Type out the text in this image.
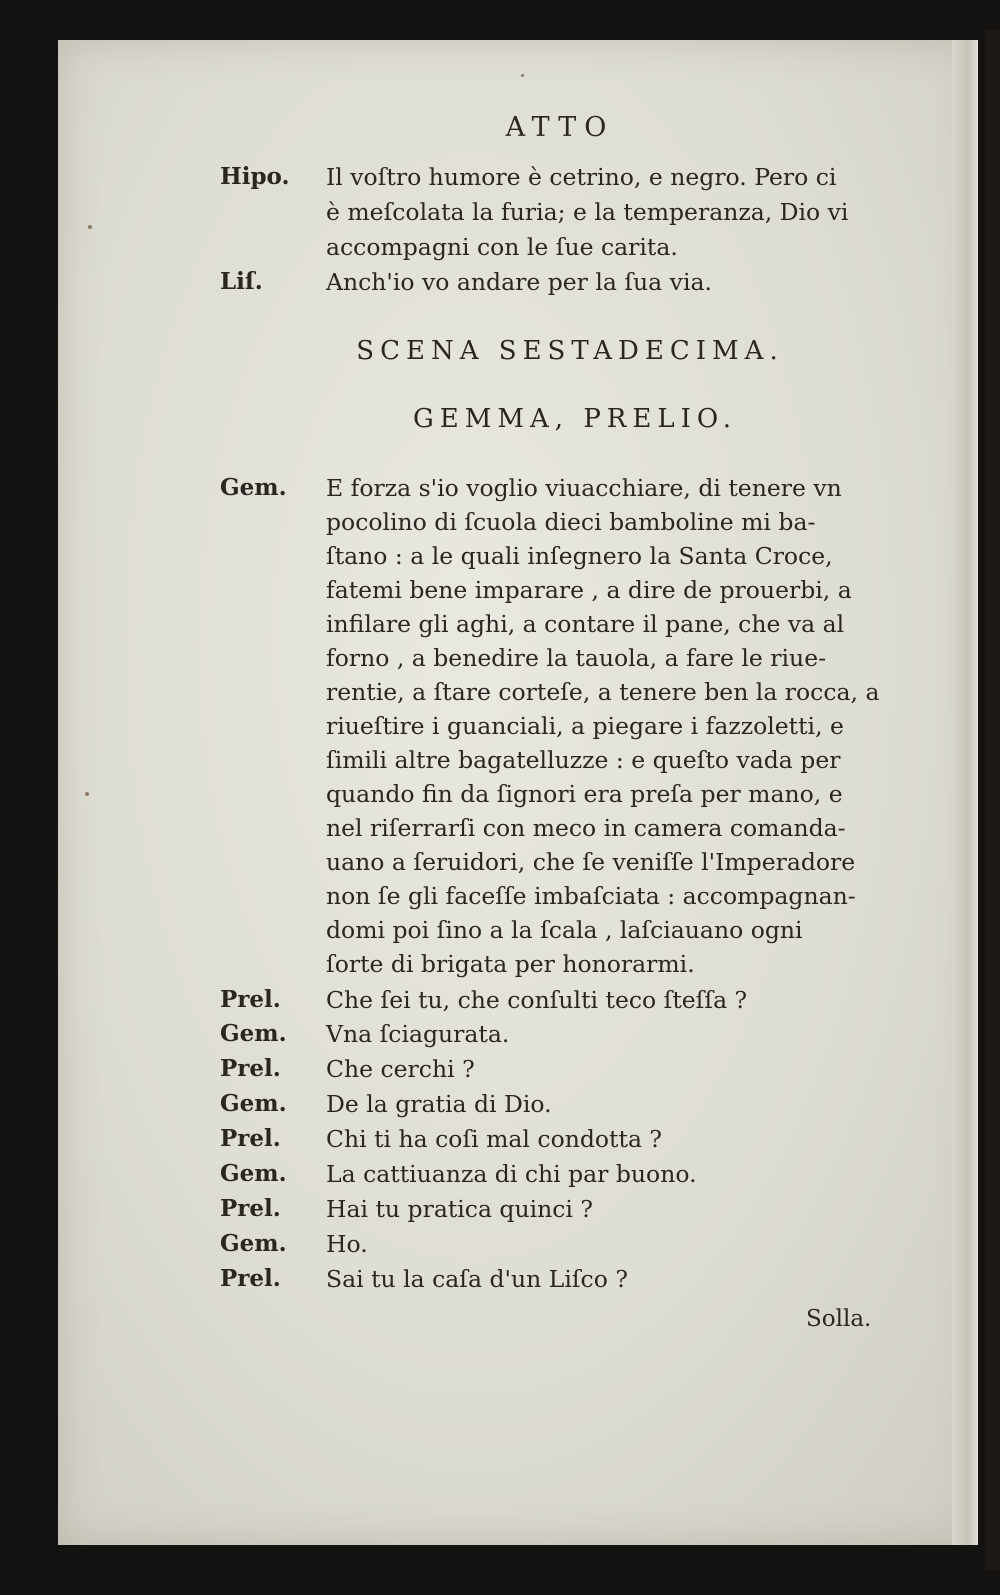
ATTO
Hipo. Il voſtro humore è cetrino, e negro. Pero ci
è meſcolata la furia; e la temperanza, Dio vi
accompagni con le ſue carita.
Liſ.	Anch'io vo andare per la ſua via.
SCENA SESTADECIMA.
GEMMA, PRELIO.
Gem. E forza s'io voglio viuacchiare, di tenere vn
pocolino di ſcuola dieci bamboline mi ba-
ſtano : a le quali inſegnero la Santa Croce,
fatemi bene imparare , a dire de prouerbi, a
infilare gli aghi, a contare il pane, che va al
forno , a benedire la tauola, a fare le riue-
rentie, a ſtare corteſe, a tenere ben la rocca, a
riueſtire i guanciali, a piegare i fazzoletti, e
ſimili altre bagatelluzze : e queſto vada per
quando fin da ſignori era preſa per mano, e
nel riſerrarſi con meco in camera comanda-
uano a ſeruidori, che ſe veniſſe l'Imperadore
non ſe gli faceſſe imbaſciata : accompagnan-
domi poi ſino a la ſcala , laſciauano ogni
ſorte di brigata per honorarmi.
Prel. Che ſei tu, che conſulti teco ſteſſa ?
Gem. Vna ſciagurata.
Prel. Che cerchi ?
Gem. De la gratia di Dio.
Prel. Chi ti ha coſi mal condotta ?
Gem. La cattiuanza di chi par buono.
Prel. Hai tu pratica quinci ?
Gem. Ho.
Prel. Sai tu la caſa d'un Liſco ?
Solla.
